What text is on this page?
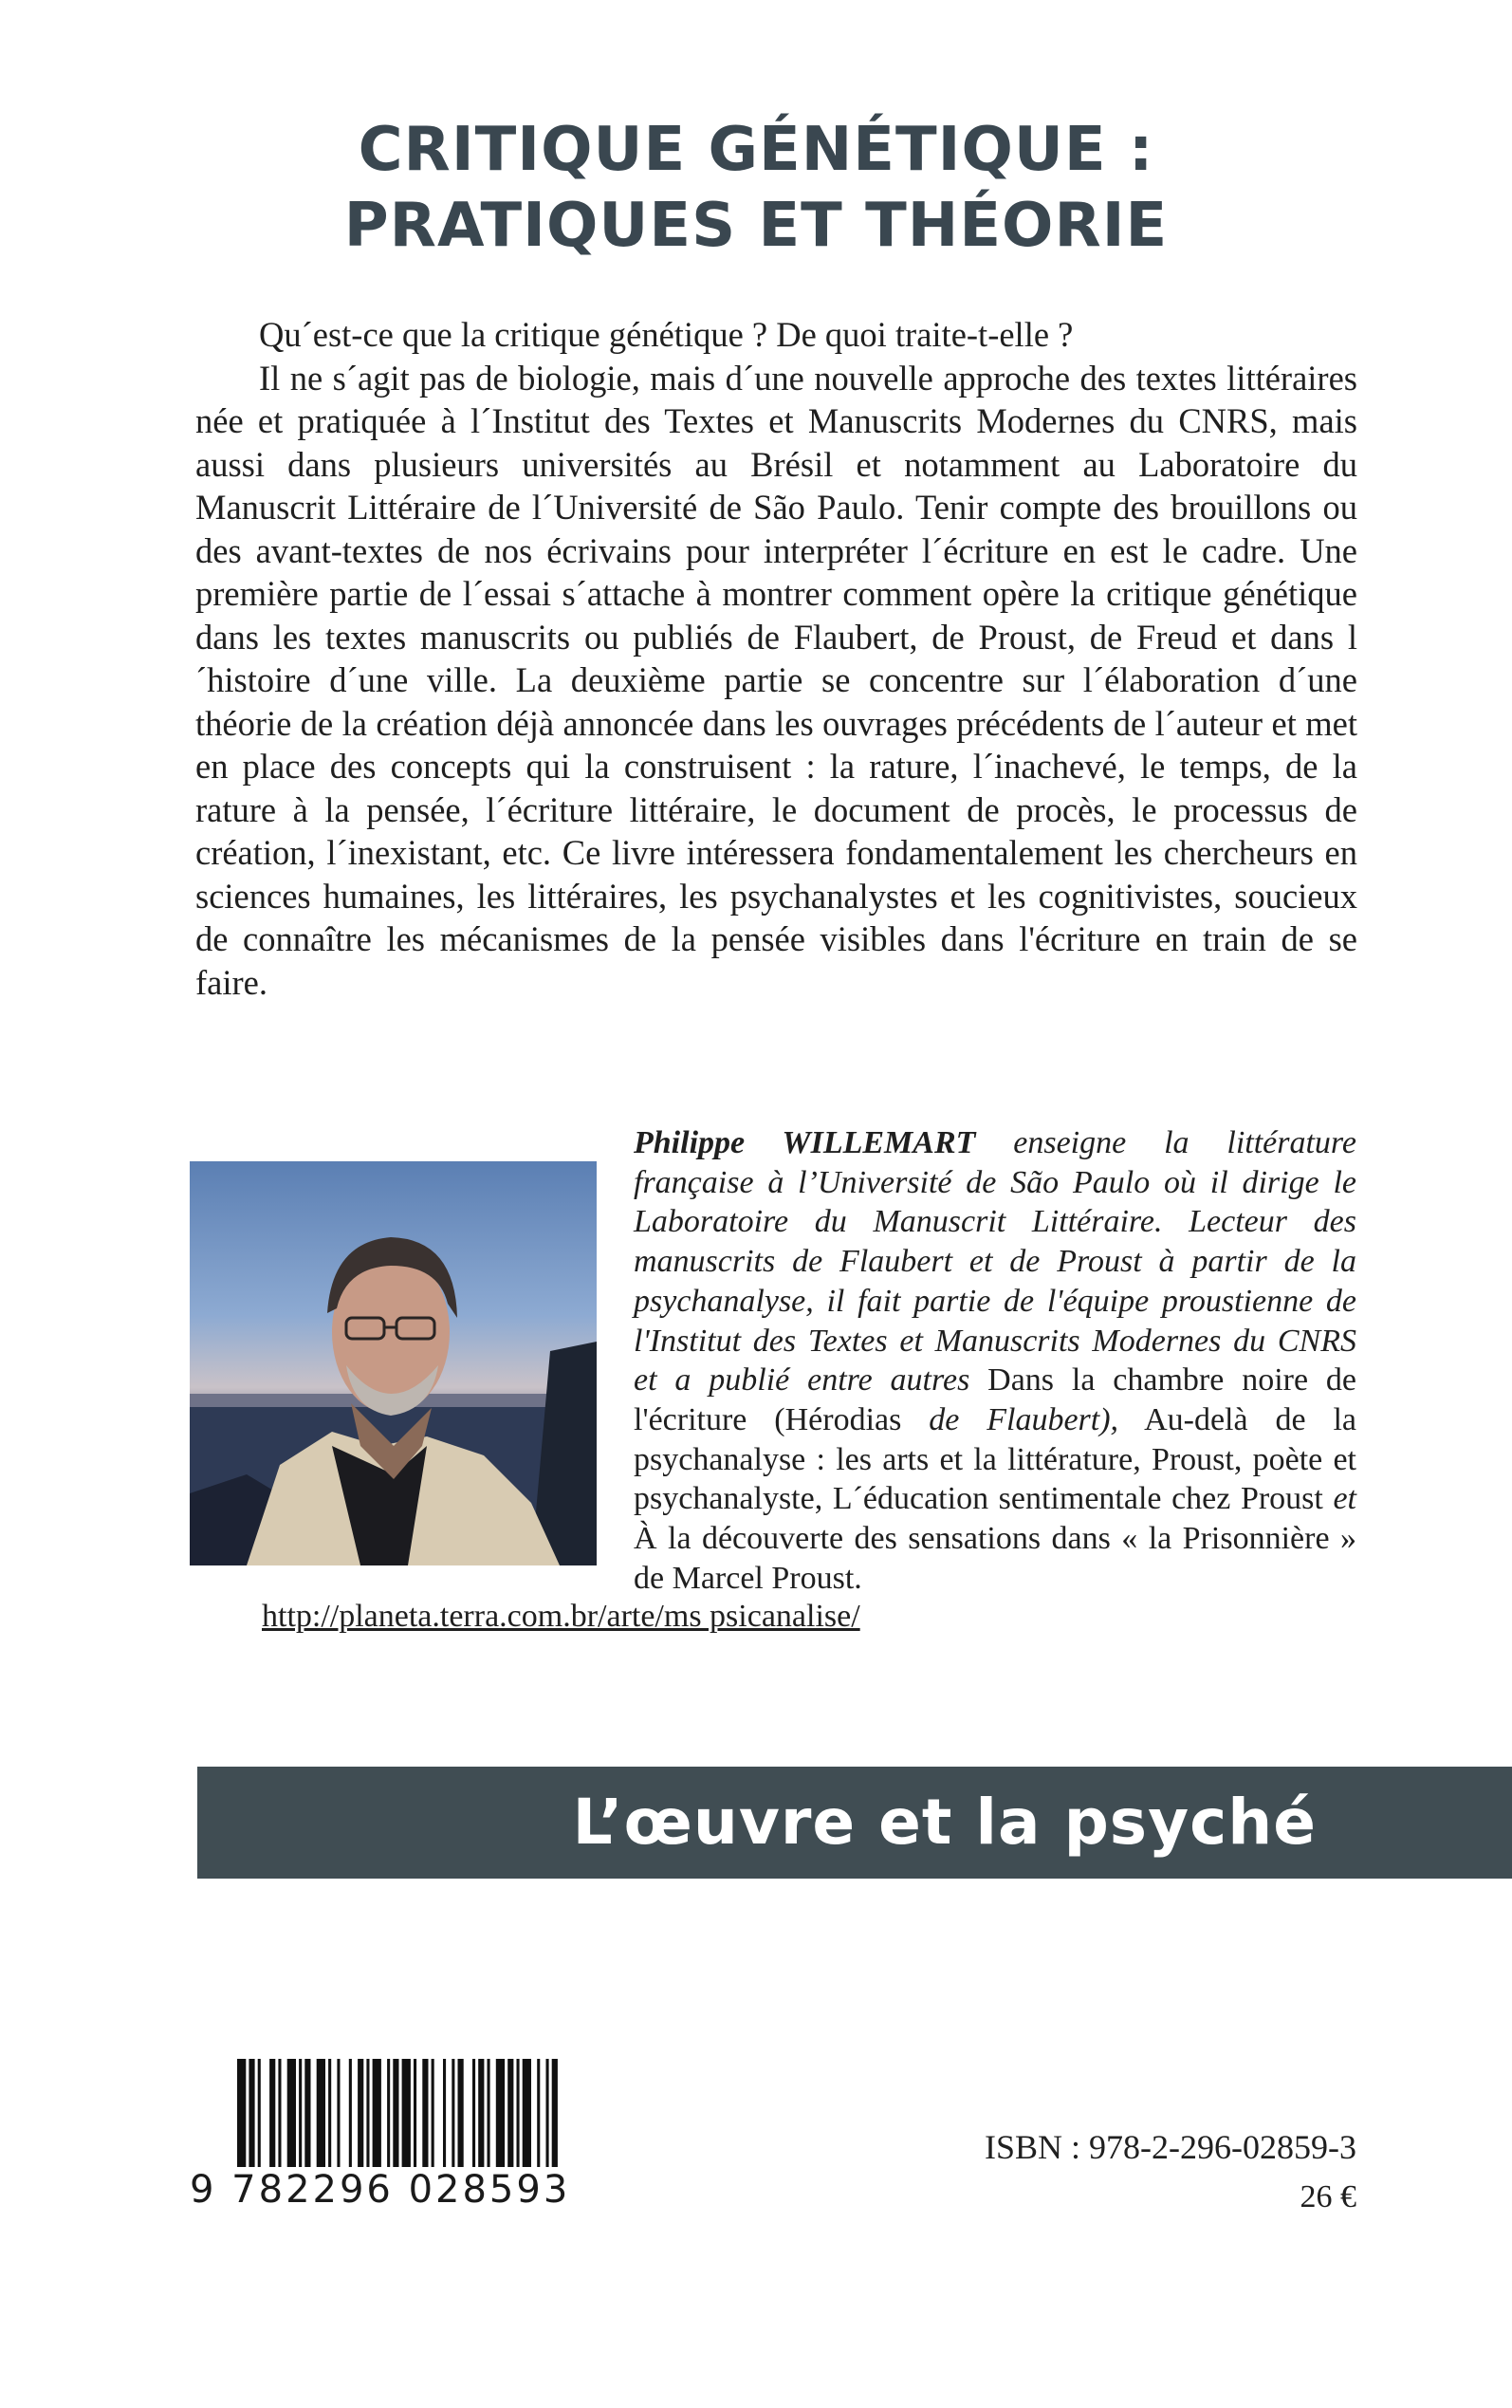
CRITIQUE GÉNÉTIQUE :
PRATIQUES ET THÉORIE

Qu´est-ce que la critique génétique ? De quoi traite-t-elle ?

Il ne s´agit pas de biologie, mais d´une nouvelle approche des textes littéraires née et pratiquée à l´Institut des Textes et Manuscrits Modernes du CNRS, mais aussi dans plusieurs universités au Brésil et notamment au Laboratoire du Manuscrit Littéraire de l´Université de São Paulo. Tenir compte des brouillons ou des avant-textes de nos écrivains pour interpréter l´écriture en est le cadre. Une première partie de l´essai s´attache à montrer comment opère la critique génétique dans les textes manuscrits ou publiés de Flaubert, de Proust, de Freud et dans l´histoire d´une ville. La deuxième partie se concentre sur l´élaboration d´une théorie de la création déjà annoncée dans les ouvrages précédents de l´auteur et met en place des concepts qui la construisent : la rature, l´inachevé, le temps, de la rature à la pensée, l´écriture littéraire, le document de procès, le processus de création, l´inexistant, etc. Ce livre intéressera fondamentalement les chercheurs en sciences humaines, les littéraires, les psychanalystes et les cognitivistes, soucieux de connaître les mécanismes de la pensée visibles dans l'écriture en train de se faire.

Philippe WILLEMART enseigne la littérature française à l’Université de São Paulo où il dirige le Laboratoire du Manuscrit Littéraire. Lecteur des manuscrits de Flaubert et de Proust à partir de la psychanalyse, il fait partie de l'équipe proustienne de l'Institut des Textes et Manuscrits Modernes du CNRS et a publié entre autres Dans la chambre noire de l'écriture (Hérodias de Flaubert), Au-delà de la psychanalyse : les arts et la littérature, Proust, poète et psychanalyste, L´éducation sentimentale chez Proust et À la découverte des sensations dans « la Prisonnière » de Marcel Proust.

http://planeta.terra.com.br/arte/ms psicanalise/
L’œuvre et la psyché
9 782296 028593
ISBN : 978-2-296-02859-3
26 €
